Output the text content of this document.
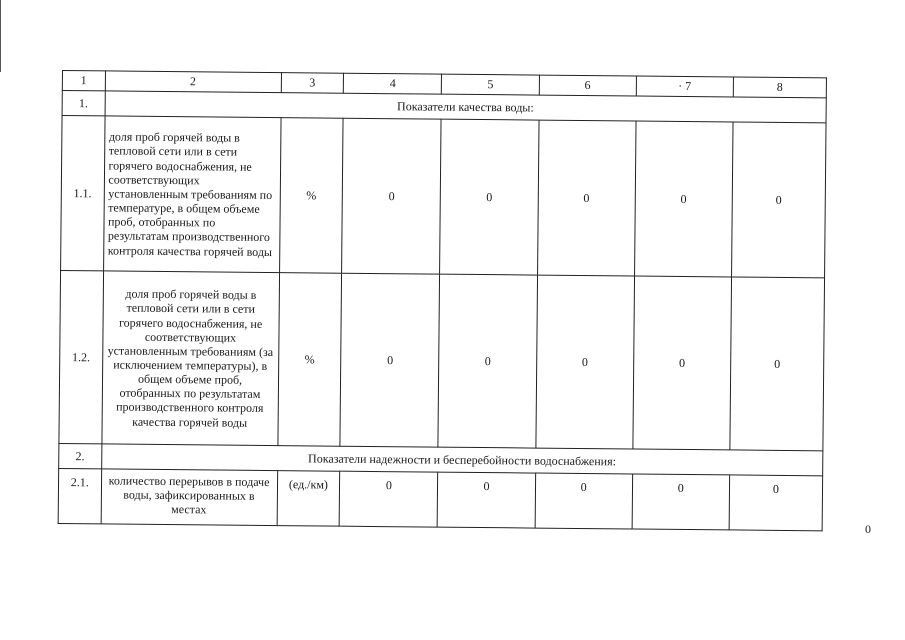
1	2	3	4	5	6	· 7	8
1.	Показатели качества воды:						
1.1.	доля проб горячей воды в тепловой сети или в сети горячего водоснабжения, не соответствующих установленным требованиям по температуре, в общем объеме проб, отобранных по результатам производственного контроля качества горячей воды	%	0	0	0	0	0
1.2.	доля проб горячей воды в тепловой сети или в сети горячего водоснабжения, не соответствующих установленным требованиям (за исключением температуры), в общем объеме проб, отобранных по результатам производственного контроля качества горячей воды	%	0	0	0	0	0
2.	Показатели надежности и бесперебойности водоснабжения:						
2.1.	количество перерывов в подаче воды, зафиксированных в местах	(ед./км)	0	0	0	0	0
0
